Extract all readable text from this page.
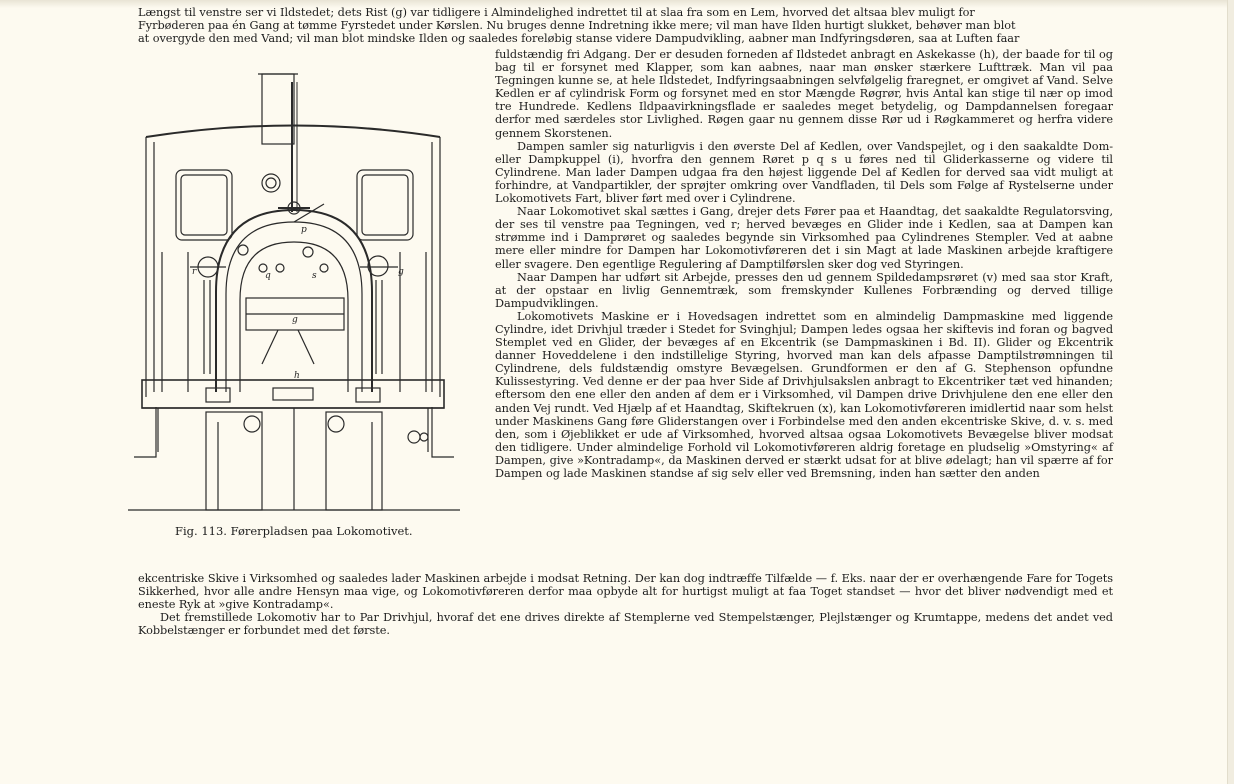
Længst til venstre ser vi Ildstedet; dets Rist (g) var tidligere i Almindelighed indrettet til at slaa fra som en Lem, hvorved det altsaa blev muligt for

Fyrbøderen paa én Gang at tømme Fyrstedet under Kørslen. Nu bruges denne Indretning ikke mere; vil man have Ilden hurtigt slukket, behøver man blot

at overgyde den med Vand; vil man blot mindske Ilden og saaledes foreløbig stanse videre Dampudvikling, aabner man Indfyringsdøren, saa at Luften faar

fuldstændig fri Adgang. Der er desuden forneden af Ildstedet anbragt en Askekasse (h), der baade for til og bag til er forsynet med Klapper, som kan aabnes, naar man ønsker stærkere Lufttræk. Man vil paa Tegningen kunne se, at hele Ildstedet, Indfyringsaabningen selvfølgelig fraregnet, er omgivet af Vand. Selve Kedlen er af cylindrisk Form og forsynet med en stor Mængde Røgrør, hvis Antal kan stige til nær op imod tre Hundrede. Kedlens Ildpaavirkningsflade er saaledes meget betydelig, og Dampdannelsen foregaar derfor med særdeles stor Livlighed. Røgen gaar nu gennem disse Rør ud i Røgkammeret og herfra videre gennem Skorstenen.

Dampen samler sig naturligvis i den øverste Del af Kedlen, over Vandspejlet, og i den saakaldte Dom- eller Dampkuppel (i), hvorfra den gennem Røret p q s u føres ned til Gliderkasserne og videre til Cylindrene. Man lader Dampen udgaa fra den højest liggende Del af Kedlen for derved saa vidt muligt at forhindre, at Vandpartikler, der sprøjter omkring over Vandfladen, til Dels som Følge af Rystelserne under Lokomotivets Fart, bliver ført med over i Cylindrene.

Naar Lokomotivet skal sættes i Gang, drejer dets Fører paa et Haandtag, det saakaldte Regulatorsving, der ses til venstre paa Tegningen, ved r; herved bevæges en Glider inde i Kedlen, saa at Dampen kan strømme ind i Damprøret og saaledes begynde sin Virksomhed paa Cylindrenes Stempler. Ved at aabne mere eller mindre for Dampen har Lokomotivføreren det i sin Magt at lade Maskinen arbejde kraftigere eller svagere. Den egentlige Regulering af Damptilførslen sker dog ved Styringen.

Naar Dampen har udført sit Arbejde, presses den ud gennem Spildedampsrøret (v) med saa stor Kraft, at der opstaar en livlig Gennemtræk, som fremskynder Kullenes Forbrænding og derved tillige Dampudviklingen.

Lokomotivets Maskine er i Hovedsagen indrettet som en almindelig Dampmaskine med liggende Cylindre, idet Drivhjul træder i Stedet for Svinghjul; Dampen ledes ogsaa her skiftevis ind foran og bagved Stemplet ved en Glider, der bevæges af en Ekcentrik (se Dampmaskinen i Bd. II). Glider og Ekcentrik danner Hoveddelene i den indstillelige Styring, hvorved man kan dels afpasse Damptilstrømningen til Cylindrene, dels fuldstændig omstyre Bevægelsen. Grundformen er den af G. Stephenson opfundne Kulissestyring. Ved denne er der paa hver Side af Drivhjulsakslen anbragt to Ekcentriker tæt ved hinanden; eftersom den ene eller den anden af dem er i Virksomhed, vil Dampen drive Drivhjulene den ene eller den anden Vej rundt. Ved Hjælp af et Haandtag, Skiftekruen (x), kan Lokomotivføreren imidlertid naar som helst under Maskinens Gang føre Gliderstangen over i Forbindelse med den anden ekcentriske Skive, d. v. s. med den, som i Øjeblikket er ude af Virksomhed, hvorved altsaa ogsaa Lokomotivets Bevægelse bliver modsat den tidligere. Under almindelige Forhold vil Lokomotivføreren aldrig foretage en pludselig »Omstyring« af Dampen, give »Kontradamp«, da Maskinen derved er stærkt udsat for at blive ødelagt; han vil spærre af for Dampen og lade Maskinen standse af sig selv eller ved Bremsning, inden han sætter den anden

r	q	s
p
g
h
g
Fig. 113. Førerpladsen paa Lokomotivet.

ekcentriske Skive i Virksomhed og saaledes lader Maskinen arbejde i modsat Retning. Der kan dog indtræffe Tilfælde — f. Eks. naar der er overhængende Fare for Togets Sikkerhed, hvor alle andre Hensyn maa vige, og Lokomotivføreren derfor maa opbyde alt for hurtigst muligt at faa Toget standset — hvor det bliver nødvendigt med et eneste Ryk at »give Kontradamp«.

Det fremstillede Lokomotiv har to Par Drivhjul, hvoraf det ene drives direkte af Stemplerne ved Stempelstænger, Plejlstænger og Krumtappe, medens det andet ved Kobbelstænger er forbundet med det første.
